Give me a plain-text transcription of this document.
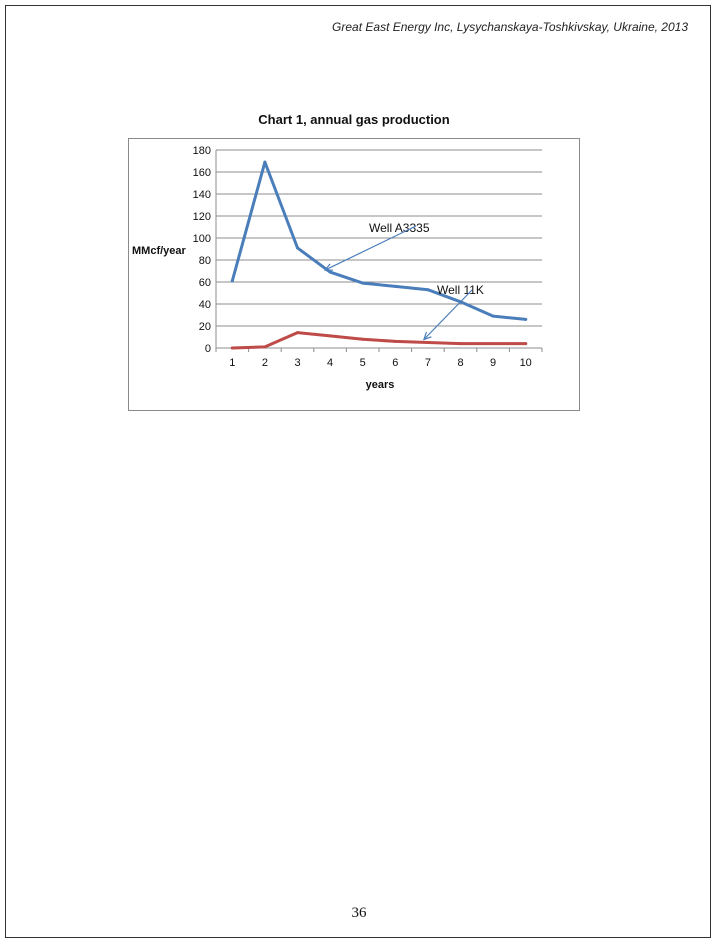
Great East Energy Inc, Lysychanskaya-Toshkivskay, Ukraine, 2013
Chart 1, annual gas production
0
20
40
60
80
100
120
140
160
180
1 2 3 4 5 6 7 8 9 10
Well A3335
Well 11K
MMcf/year
years
36
